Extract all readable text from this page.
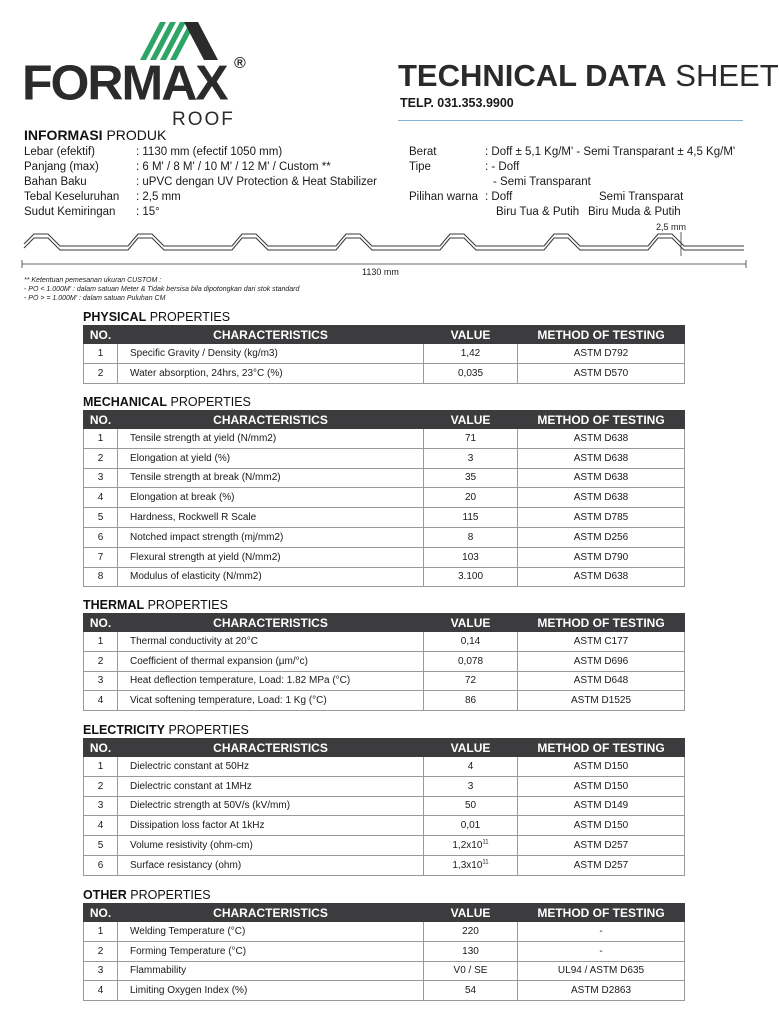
FORMAX ®
ROOF
TECHNICAL DATA SHEET
TELP. 031.353.9900
INFORMASI PRODUK
Lebar (efektif)	: 1130 mm (efectif 1050 mm)
Panjang (max)	: 6 M' / 8 M' / 10 M' / 12 M' / Custom **
Bahan Baku	: uPVC dengan UV Protection & Heat Stabilizer
Tebal Keseluruhan	: 2,5 mm
Sudut Kemiringan	: 15°
Berat	: Doff ± 5,1 Kg/M' - Semi Transparant ± 4,5 Kg/M'
Tipe	: - Doff
- Semi Transparant
Pilihan warna : Doff	Semi Transparat
Biru Tua & Putih Biru Muda & Putih
2,5 mm
1130 mm
** Ketentuan pemesanan ukuran CUSTOM :
- PO < 1.000M' : dalam satuan Meter & Tidak bersisa bila dipotongkan dari stok standard
- PO > = 1.000M' : dalam satuan Puluhan CM
PHYSICAL PROPERTIES
NO.	CHARACTERISTICS	VALUE	METHOD OF TESTING
1	Specific Gravity / Density (kg/m3)	1,42	ASTM D792
2	Water absorption, 24hrs, 23°C (%)	0,035	ASTM D570
MECHANICAL PROPERTIES
NO.	CHARACTERISTICS	VALUE	METHOD OF TESTING
1	Tensile strength at yield (N/mm2)	71	ASTM D638
2	Elongation at yield (%)	3	ASTM D638
3	Tensile strength at break (N/mm2)	35	ASTM D638
4	Elongation at break (%)	20	ASTM D638
5	Hardness, Rockwell R Scale	115	ASTM D785
6	Notched impact strength (mj/mm2)	8	ASTM D256
7	Flexural strength at yield (N/mm2)	103	ASTM D790
8	Modulus of elasticity (N/mm2)	3.100	ASTM D638
THERMAL PROPERTIES
NO.	CHARACTERISTICS	VALUE	METHOD OF TESTING
1	Thermal conductivity at 20°C	0,14	ASTM C177
2	Coefficient of thermal expansion (µm/°c)	0,078	ASTM D696
3	Heat deflection temperature, Load: 1.82 MPa (°C)	72	ASTM D648
4	Vicat softening temperature, Load: 1 Kg (°C)	86	ASTM D1525
ELECTRICITY PROPERTIES
NO.	CHARACTERISTICS	VALUE	METHOD OF TESTING
1	Dielectric constant at 50Hz	4	ASTM D150
2	Dielectric constant at 1MHz	3	ASTM D150
3	Dielectric strength at 50V/s (kV/mm)	50	ASTM D149
4	Dissipation loss factor At 1kHz	0,01	ASTM D150
5	Volume resistivity (ohm-cm)	$1,2x10^{11}$	ASTM D257
6	Surface resistancy (ohm)	$1,3x10^{11}$	ASTM D257
OTHER PROPERTIES
NO.	CHARACTERISTICS	VALUE	METHOD OF TESTING
1	Welding Temperature (°C)	220	-
2	Forming Temperature (°C)	130	-
3	Flammability	V0 / SE	UL94 / ASTM D635
4	Limiting Oxygen Index (%)	54	ASTM D2863
